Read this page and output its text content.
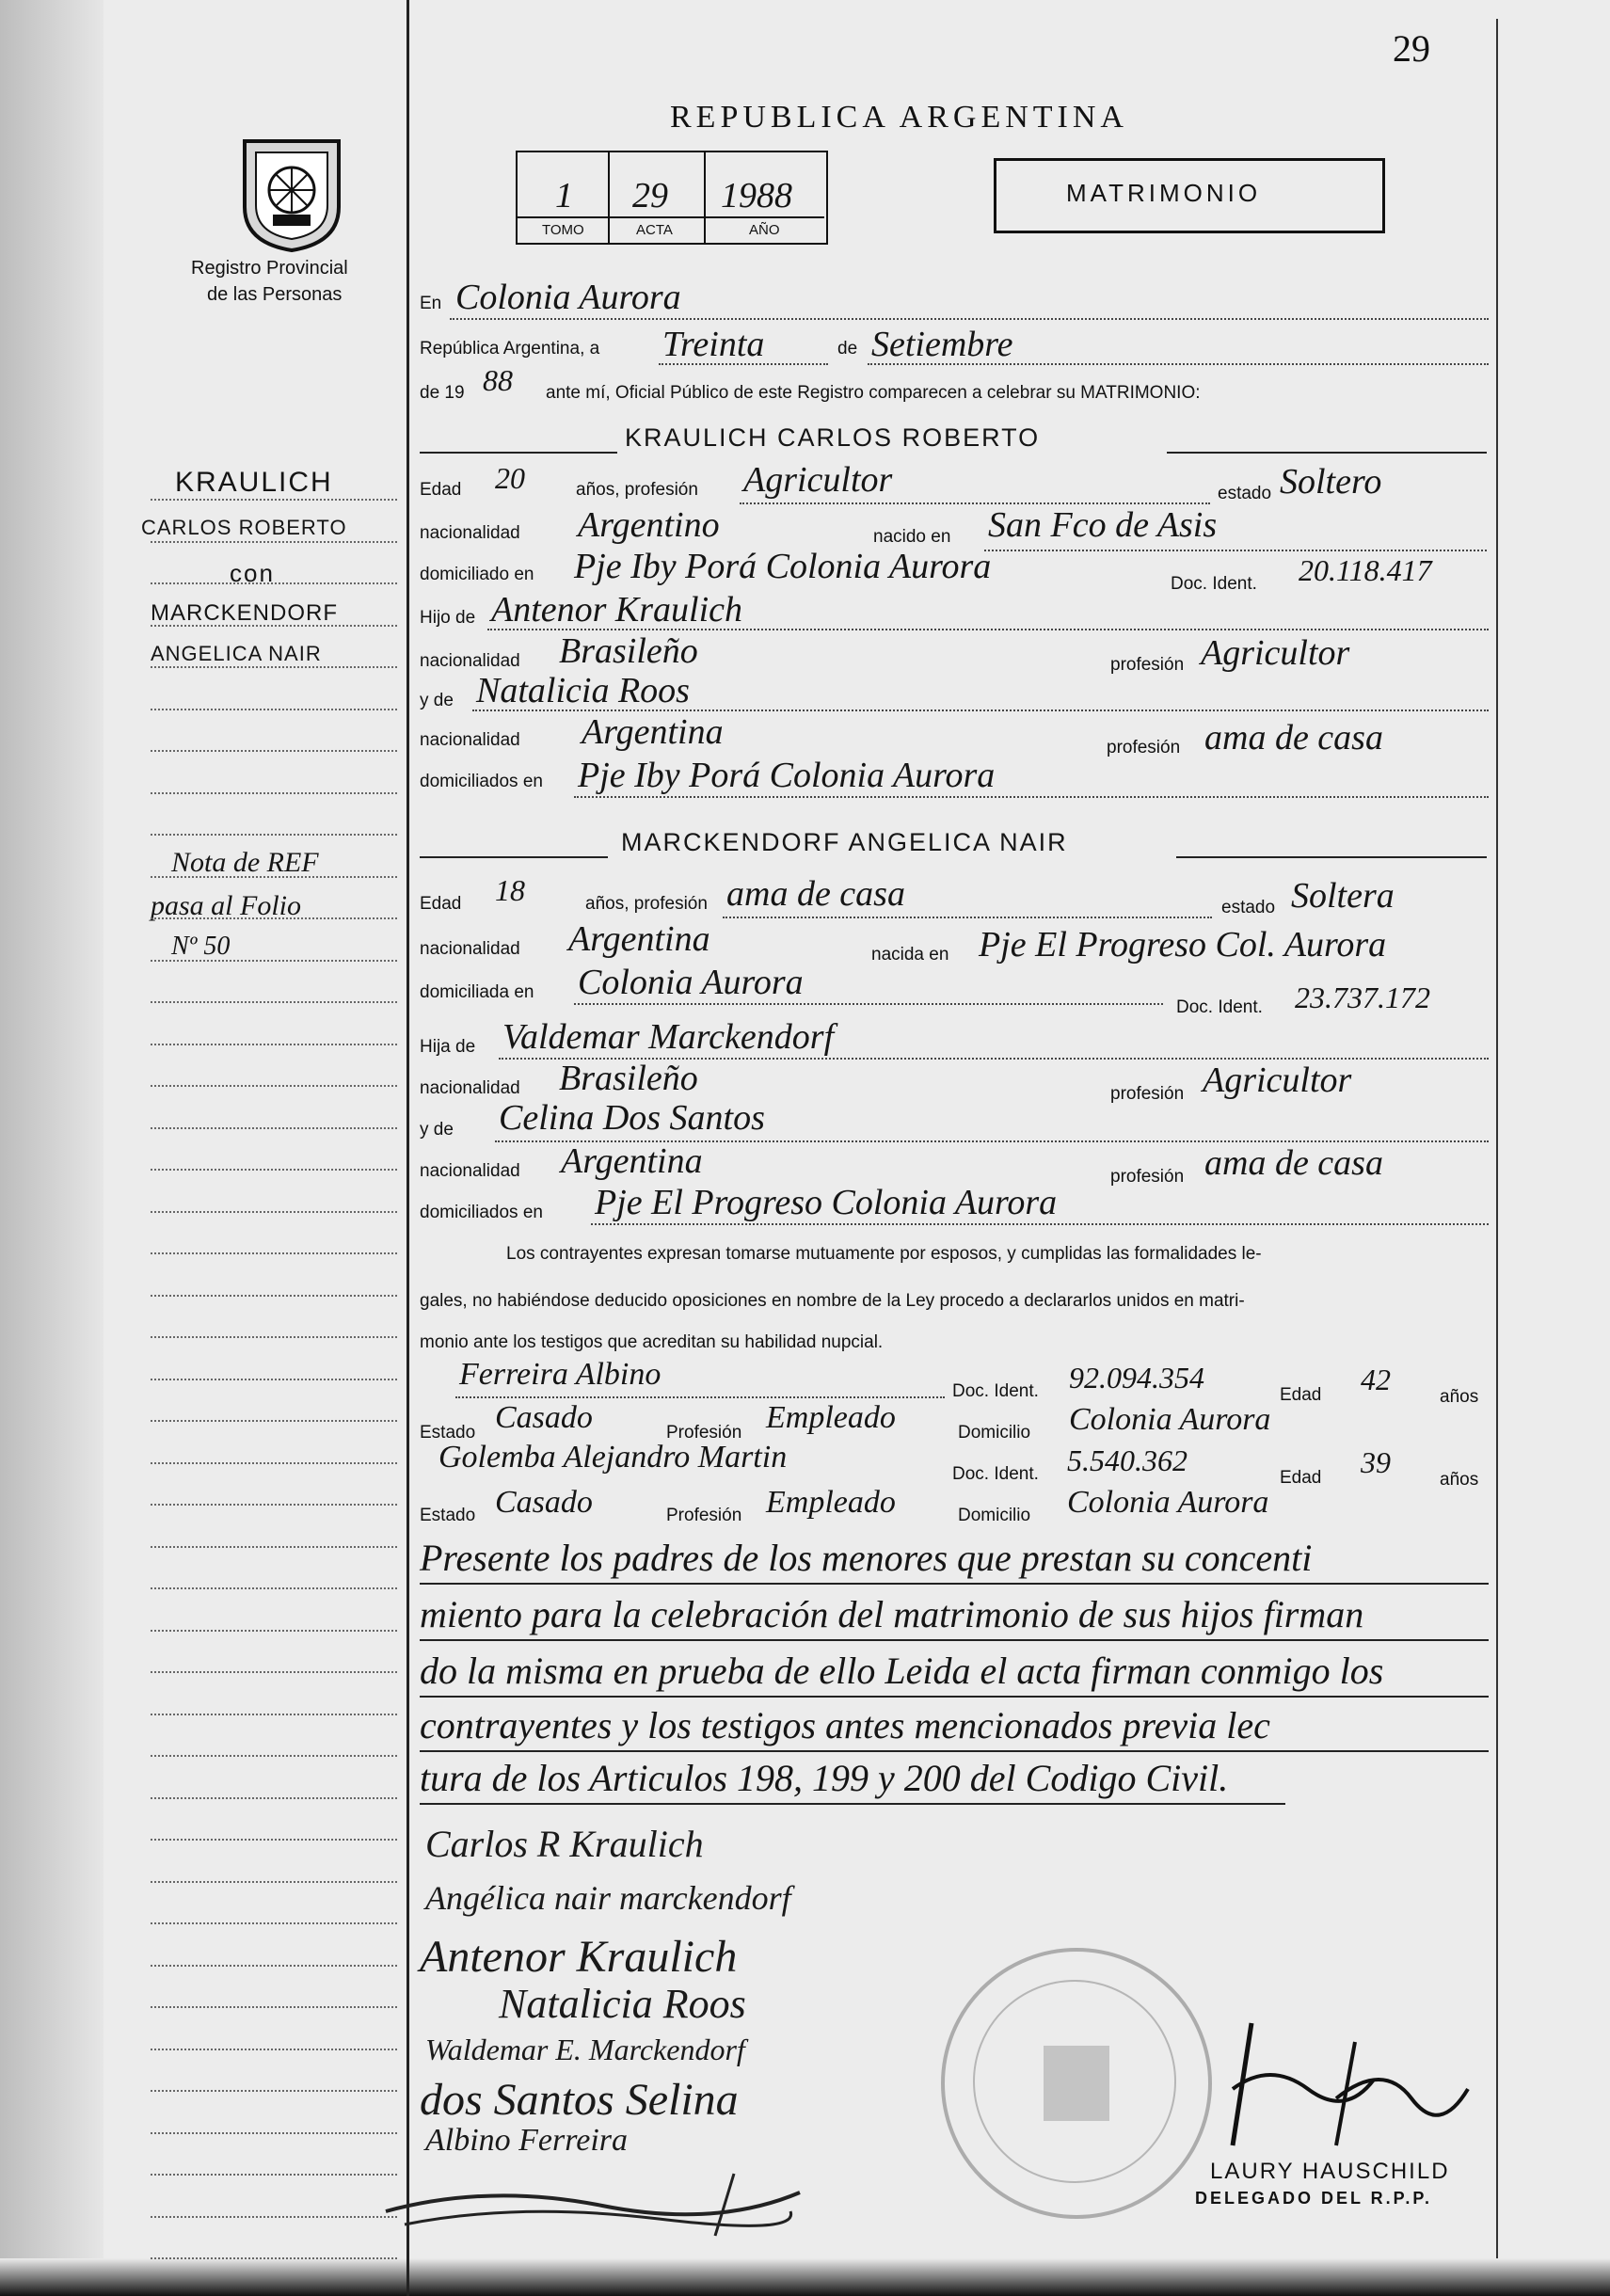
29
REPUBLICA ARGENTINA
Registro Provincial
de las Personas
1 29 1988
TOMO	ACTA	AÑO
MATRIMONIO
En Colonia Aurora
República Argentina, a Treinta	de Setiembre
de 19 88 ante mí, Oficial Público de este Registro comparecen a celebrar su MATRIMONIO:
KRAULICH CARLOS ROBERTO
Edad 20	años, profesión Agricultor	estado Soltero
nacionalidad Argentino	nacido en San Fco de Asis
domiciliado en Pje Iby Porá Colonia Aurora	Doc. Ident. 20.118.417
Hijo de Antenor Kraulich
nacionalidad Brasileño	profesión Agricultor
y de Natalicia Roos
nacionalidad Argentina	profesión ama de casa
domiciliados en Pje Iby Porá Colonia Aurora
MARCKENDORF ANGELICA NAIR
Edad 18	años, profesión ama de casa	estado Soltera
nacionalidad Argentina	nacida en Pje El Progreso Col. Aurora
domiciliada en Colonia Aurora
Doc. Ident. 23.737.172
Hija de Valdemar Marckendorf
nacionalidad Brasileño	profesión Agricultor
y de Celina Dos Santos
nacionalidad Argentina	profesión ama de casa
domiciliados en Pje El Progreso Colonia Aurora
Los contrayentes expresan tomarse mutuamente por esposos, y cumplidas las formalidades le-
gales, no habiéndose deducido oposiciones en nombre de la Ley procedo a declararlos unidos en matri-
monio ante los testigos que acreditan su habilidad nupcial.
Ferreira Albino	Doc. Ident. 92.094.354
Edad 42
años
Estado Casado	Profesión Empleado	Domicilio Colonia Aurora
Golemba Alejandro Martin	Doc. Ident. 5.540.362
Edad 39
años
Estado Casado	Profesión Empleado	Domicilio Colonia Aurora
Presente los padres de los menores que prestan su concenti
miento para la celebración del matrimonio de sus hijos firman
do la misma en prueba de ello Leida el acta firman conmigo los
contrayentes y los testigos antes mencionados previa lec
tura de los Articulos 198, 199 y 200 del Codigo Civil.
Carlos R Kraulich
Angélica nair marckendorf
Antenor Kraulich
Natalicia Roos
Waldemar E. Marckendorf
dos Santos Selina
Albino Ferreira
LAURY HAUSCHILD
DELEGADO DEL R.P.P.
KRAULICH
CARLOS ROBERTO
con
MARCKENDORF
ANGELICA NAIR
Nota de REF
pasa al Folio
Nº 50
